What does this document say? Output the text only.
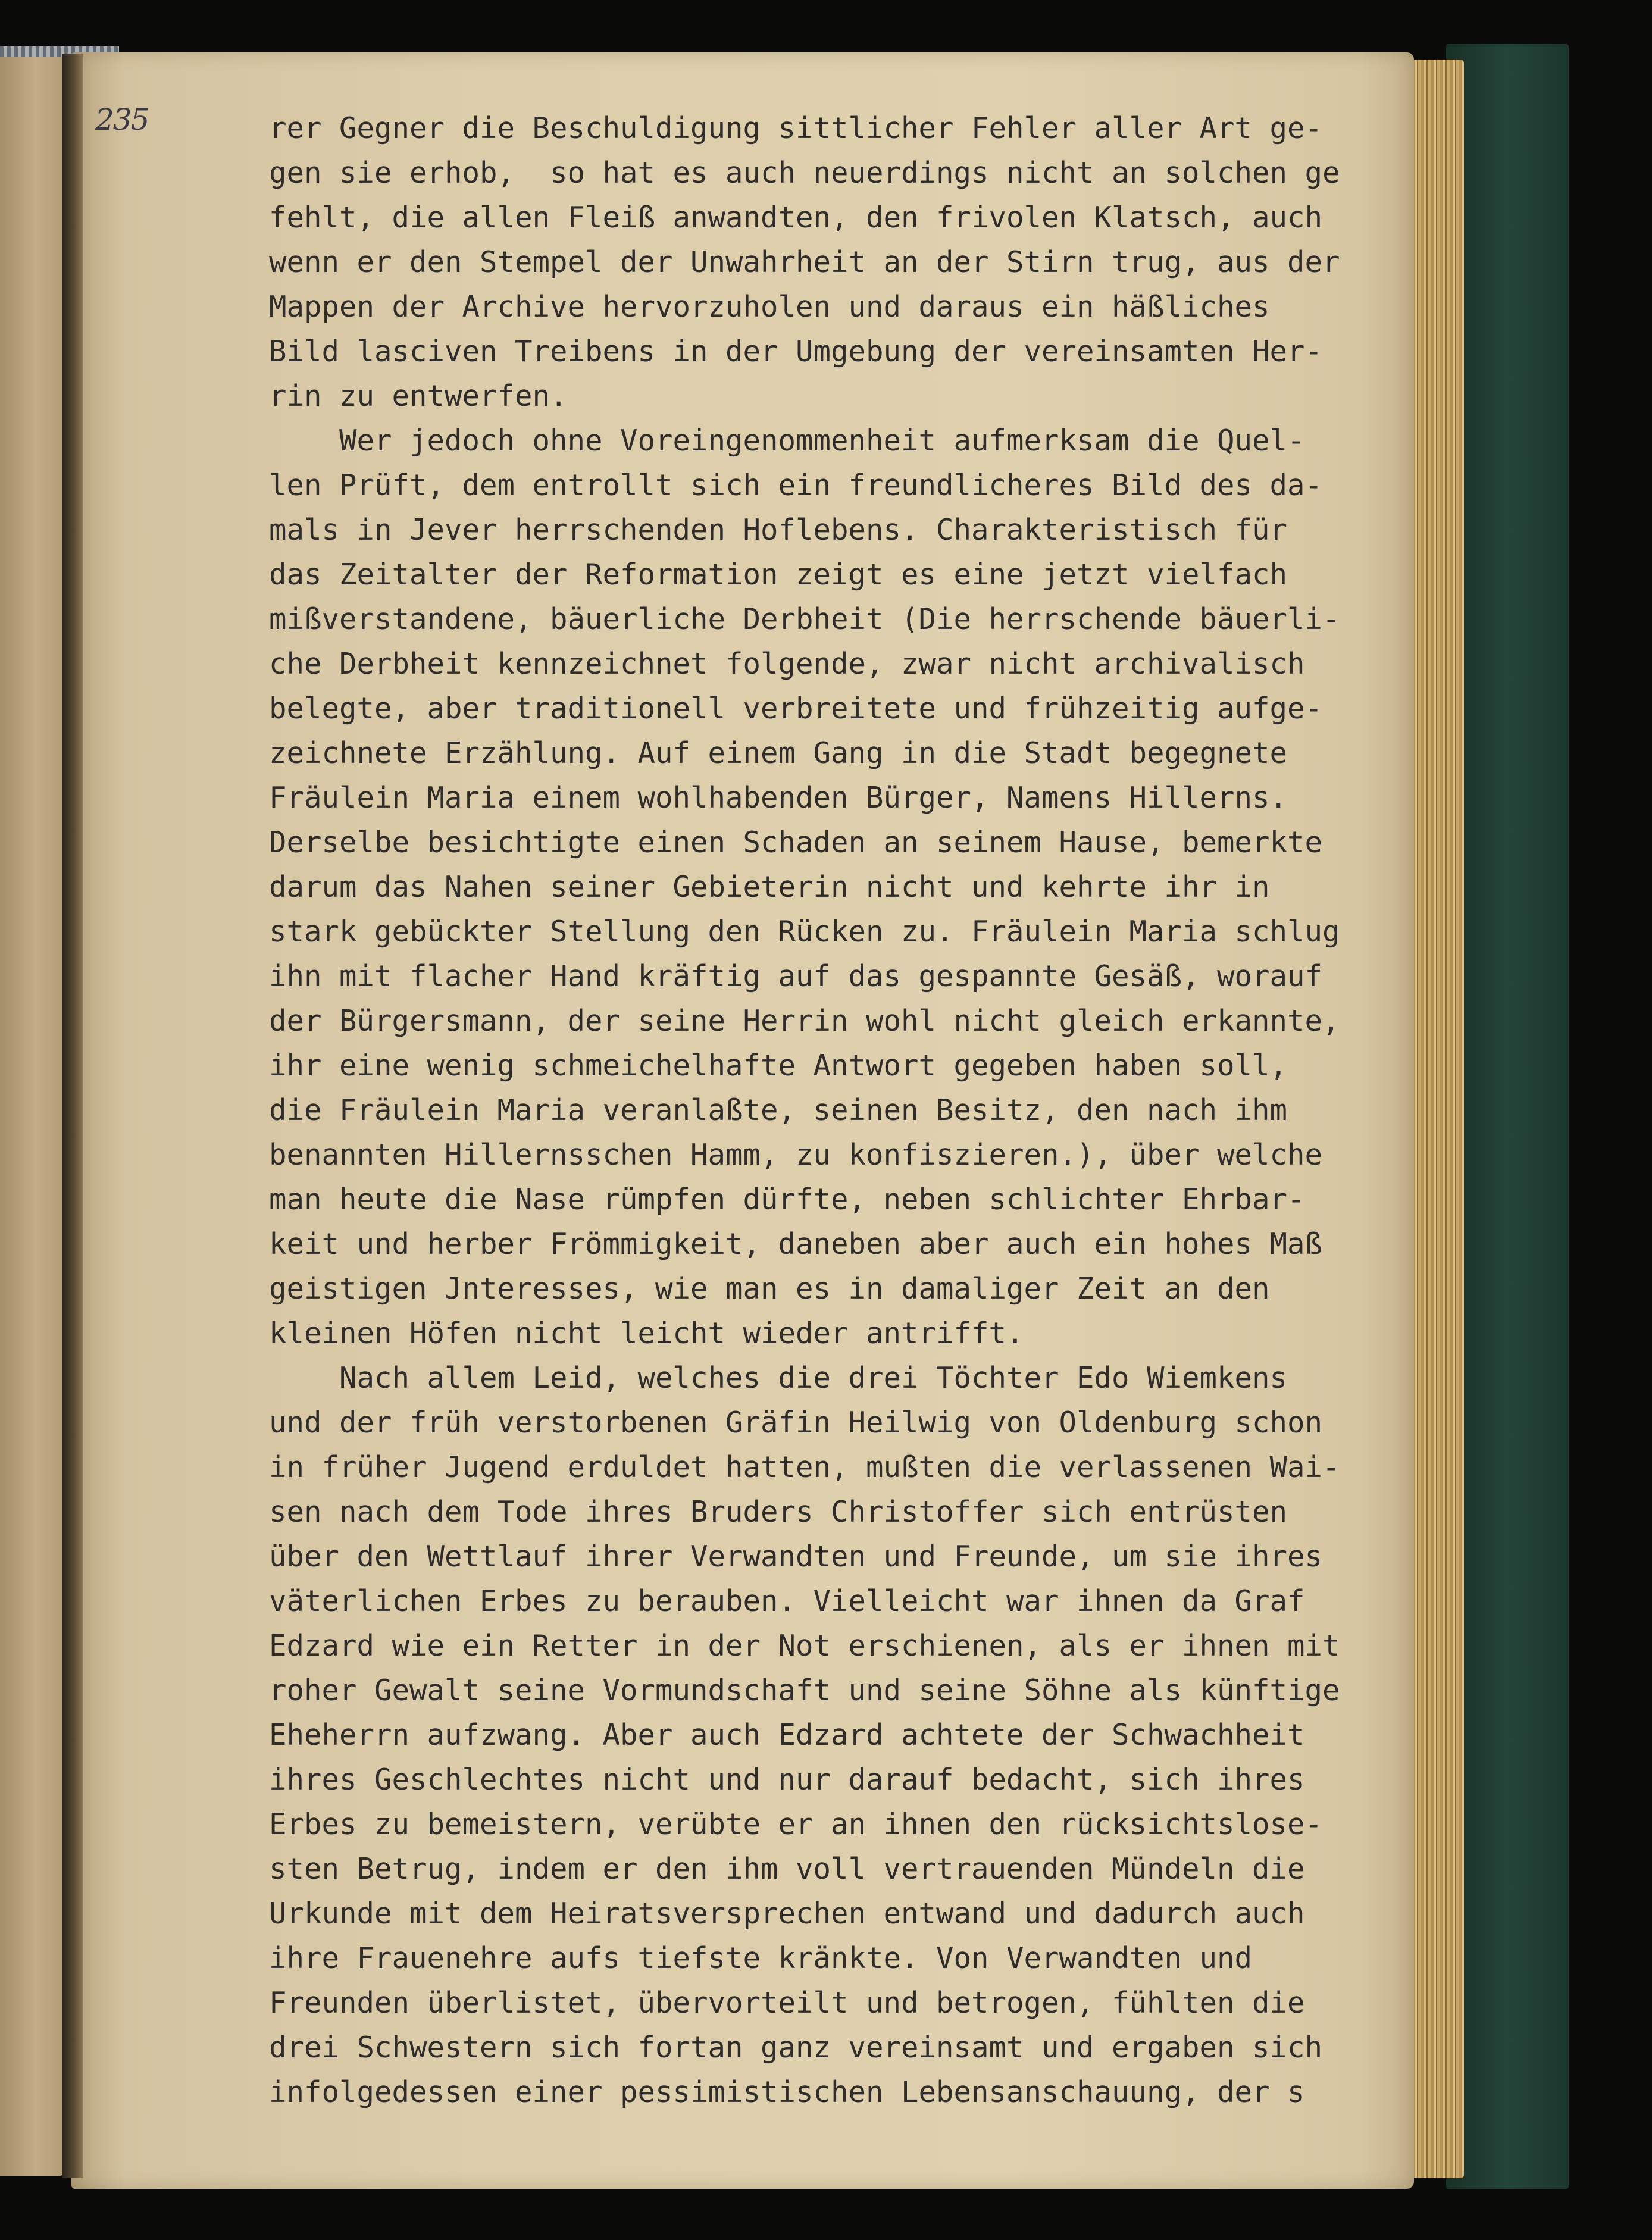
235	rer Gegner die Beschuldigung sittlicher Fehler aller Art ge-
gen sie erhob,  so hat es auch neuerdings nicht an solchen ge
fehlt, die allen Fleiß anwandten, den frivolen Klatsch, auch
wenn er den Stempel der Unwahrheit an der Stirn trug, aus der
Mappen der Archive hervorzuholen und daraus ein häßliches
Bild lasciven Treibens in der Umgebung der vereinsamten Her-
rin zu entwerfen.
Wer jedoch ohne Voreingenommenheit aufmerksam die Quel-
len Prüft, dem entrollt sich ein freundlicheres Bild des da-
mals in Jever herrschenden Hoflebens. Charakteristisch für
das Zeitalter der Reformation zeigt es eine jetzt vielfach
mißverstandene, bäuerliche Derbheit (Die herrschende bäuerli-
che Derbheit kennzeichnet folgende, zwar nicht archivalisch
belegte, aber traditionell verbreitete und frühzeitig aufge-
zeichnete Erzählung. Auf einem Gang in die Stadt begegnete
Fräulein Maria einem wohlhabenden Bürger, Namens Hillerns.
Derselbe besichtigte einen Schaden an seinem Hause, bemerkte
darum das Nahen seiner Gebieterin nicht und kehrte ihr in
stark gebückter Stellung den Rücken zu. Fräulein Maria schlug
ihn mit flacher Hand kräftig auf das gespannte Gesäß, worauf
der Bürgersmann, der seine Herrin wohl nicht gleich erkannte,
ihr eine wenig schmeichelhafte Antwort gegeben haben soll,
die Fräulein Maria veranlaßte, seinen Besitz, den nach ihm
benannten Hillernsschen Hamm, zu konfiszieren.), über welche
man heute die Nase rümpfen dürfte, neben schlichter Ehrbar-
keit und herber Frömmigkeit, daneben aber auch ein hohes Maß
geistigen Jnteresses, wie man es in damaliger Zeit an den
kleinen Höfen nicht leicht wieder antrifft.
Nach allem Leid, welches die drei Töchter Edo Wiemkens
und der früh verstorbenen Gräfin Heilwig von Oldenburg schon
in früher Jugend erduldet hatten, mußten die verlassenen Wai-
sen nach dem Tode ihres Bruders Christoffer sich entrüsten
über den Wettlauf ihrer Verwandten und Freunde, um sie ihres
väterlichen Erbes zu berauben. Vielleicht war ihnen da Graf
Edzard wie ein Retter in der Not erschienen, als er ihnen mit
roher Gewalt seine Vormundschaft und seine Söhne als künftige
Eheherrn aufzwang. Aber auch Edzard achtete der Schwachheit
ihres Geschlechtes nicht und nur darauf bedacht, sich ihres
Erbes zu bemeistern, verübte er an ihnen den rücksichtslose-
sten Betrug, indem er den ihm voll vertrauenden Mündeln die
Urkunde mit dem Heiratsversprechen entwand und dadurch auch
ihre Frauenehre aufs tiefste kränkte. Von Verwandten und
Freunden überlistet, übervorteilt und betrogen, fühlten die
drei Schwestern sich fortan ganz vereinsamt und ergaben sich
infolgedessen einer pessimistischen Lebensanschauung, der s
